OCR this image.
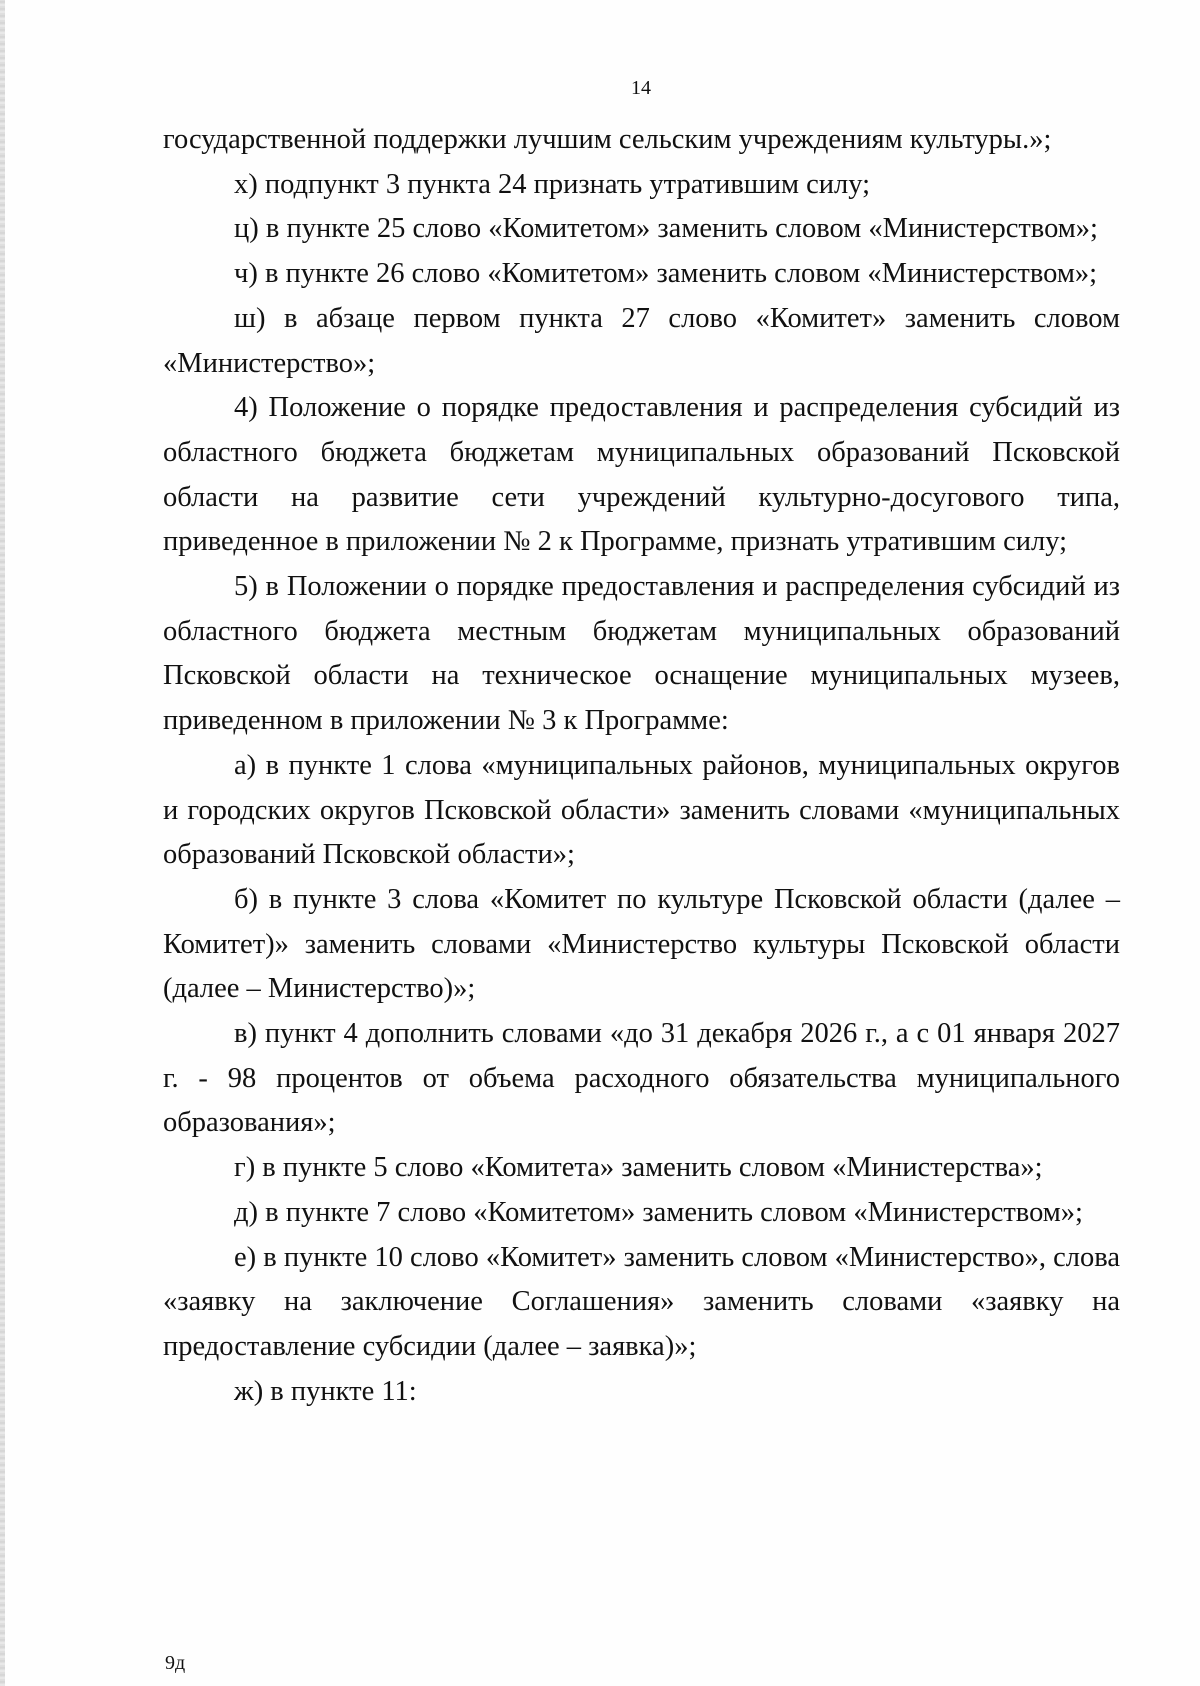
14

государственной поддержки лучшим сельским учреждениям культуры.»;

х) подпункт 3 пункта 24 признать утратившим силу;

ц) в пункте 25 слово «Комитетом» заменить словом «Министерством»;

ч) в пункте 26 слово «Комитетом» заменить словом «Министерством»;

ш) в абзаце первом пункта 27 слово «Комитет» заменить словом «Министерство»;

4) Положение о порядке предоставления и распределения субсидий из областного бюджета бюджетам муниципальных образований Псковской области на развитие сети учреждений культурно-досугового типа, приведенное в приложении № 2 к Программе, признать утратившим силу;

5) в Положении о порядке предоставления и распределения субсидий из областного бюджета местным бюджетам муниципальных образований Псковской области на техническое оснащение муниципальных музеев, приведенном в приложении № 3 к Программе:

а) в пункте 1 слова «муниципальных районов, муниципальных округов и городских округов Псковской области» заменить словами «муниципальных образований Псковской области»;

б) в пункте 3 слова «Комитет по культуре Псковской области (далее – Комитет)» заменить словами «Министерство культуры Псковской области (далее – Министерство)»;

в) пункт 4 дополнить словами «до 31 декабря 2026 г., а с 01 января 2027 г. - 98 процентов от объема расходного обязательства муниципального образования»;

г) в пункте 5 слово «Комитета» заменить словом «Министерства»;

д) в пункте 7 слово «Комитетом» заменить словом «Министерством»;

е) в пункте 10 слово «Комитет» заменить словом «Министерство», слова «заявку на заключение Соглашения» заменить словами «заявку на предоставление субсидии (далее – заявка)»;

ж) в пункте 11:

9д
